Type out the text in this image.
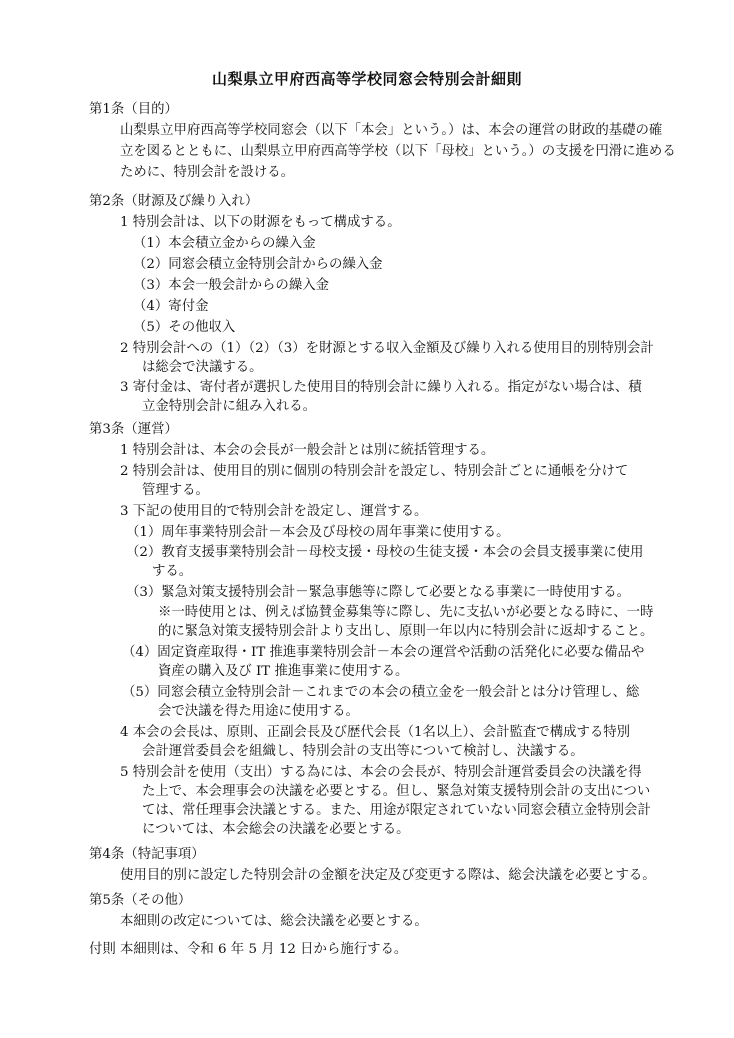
山梨県立甲府西高等学校同窓会特別会計細則
第1条（目的）
山梨県立甲府西高等学校同窓会（以下「本会」という。）は、本会の運営の財政的基礎の確
立を図るとともに、山梨県立甲府西高等学校（以下「母校」という。）の支援を円滑に進める
ために、特別会計を設ける。
第2条（財源及び繰り入れ）
1 特別会計は、以下の財源をもって構成する。
（1）本会積立金からの繰入金
（2）同窓会積立金特別会計からの繰入金
（3）本会一般会計からの繰入金
（4）寄付金
（5）その他収入
2 特別会計への（1）（2）（3）を財源とする収入金額及び繰り入れる使用目的別特別会計
は総会で決議する。
3 寄付金は、寄付者が選択した使用目的特別会計に繰り入れる。指定がない場合は、積
立金特別会計に組み入れる。
第3条（運営）
1 特別会計は、本会の会長が一般会計とは別に統括管理する。
2 特別会計は、使用目的別に個別の特別会計を設定し、特別会計ごとに通帳を分けて
管理する。
3 下記の使用目的で特別会計を設定し、運営する。
（1）周年事業特別会計－本会及び母校の周年事業に使用する。
（2）教育支援事業特別会計－母校支援・母校の生徒支援・本会の会員支援事業に使用
する。
（3）緊急対策支援特別会計－緊急事態等に際して必要となる事業に一時使用する。
※一時使用とは、例えば協賛金募集等に際し、先に支払いが必要となる時に、一時
的に緊急対策支援特別会計より支出し、原則一年以内に特別会計に返却すること。
（4）固定資産取得・IT 推進事業特別会計－本会の運営や活動の活発化に必要な備品や
資産の購入及び IT 推進事業に使用する。
（5）同窓会積立金特別会計－これまでの本会の積立金を一般会計とは分け管理し、総
会で決議を得た用途に使用する。
4 本会の会長は、原則、正副会長及び歴代会長（1名以上）、会計監査で構成する特別
会計運営委員会を組織し、特別会計の支出等について検討し、決議する。
5 特別会計を使用（支出）する為には、本会の会長が、特別会計運営委員会の決議を得
た上で、本会理事会の決議を必要とする。但し、緊急対策支援特別会計の支出につい
ては、常任理事会決議とする。また、用途が限定されていない同窓会積立金特別会計
については、本会総会の決議を必要とする。
第4条（特記事項）
使用目的別に設定した特別会計の金額を決定及び変更する際は、総会決議を必要とする。
第5条（その他）
本細則の改定については、総会決議を必要とする。
付則 本細則は、令和 6 年 5 月 12 日から施行する。
